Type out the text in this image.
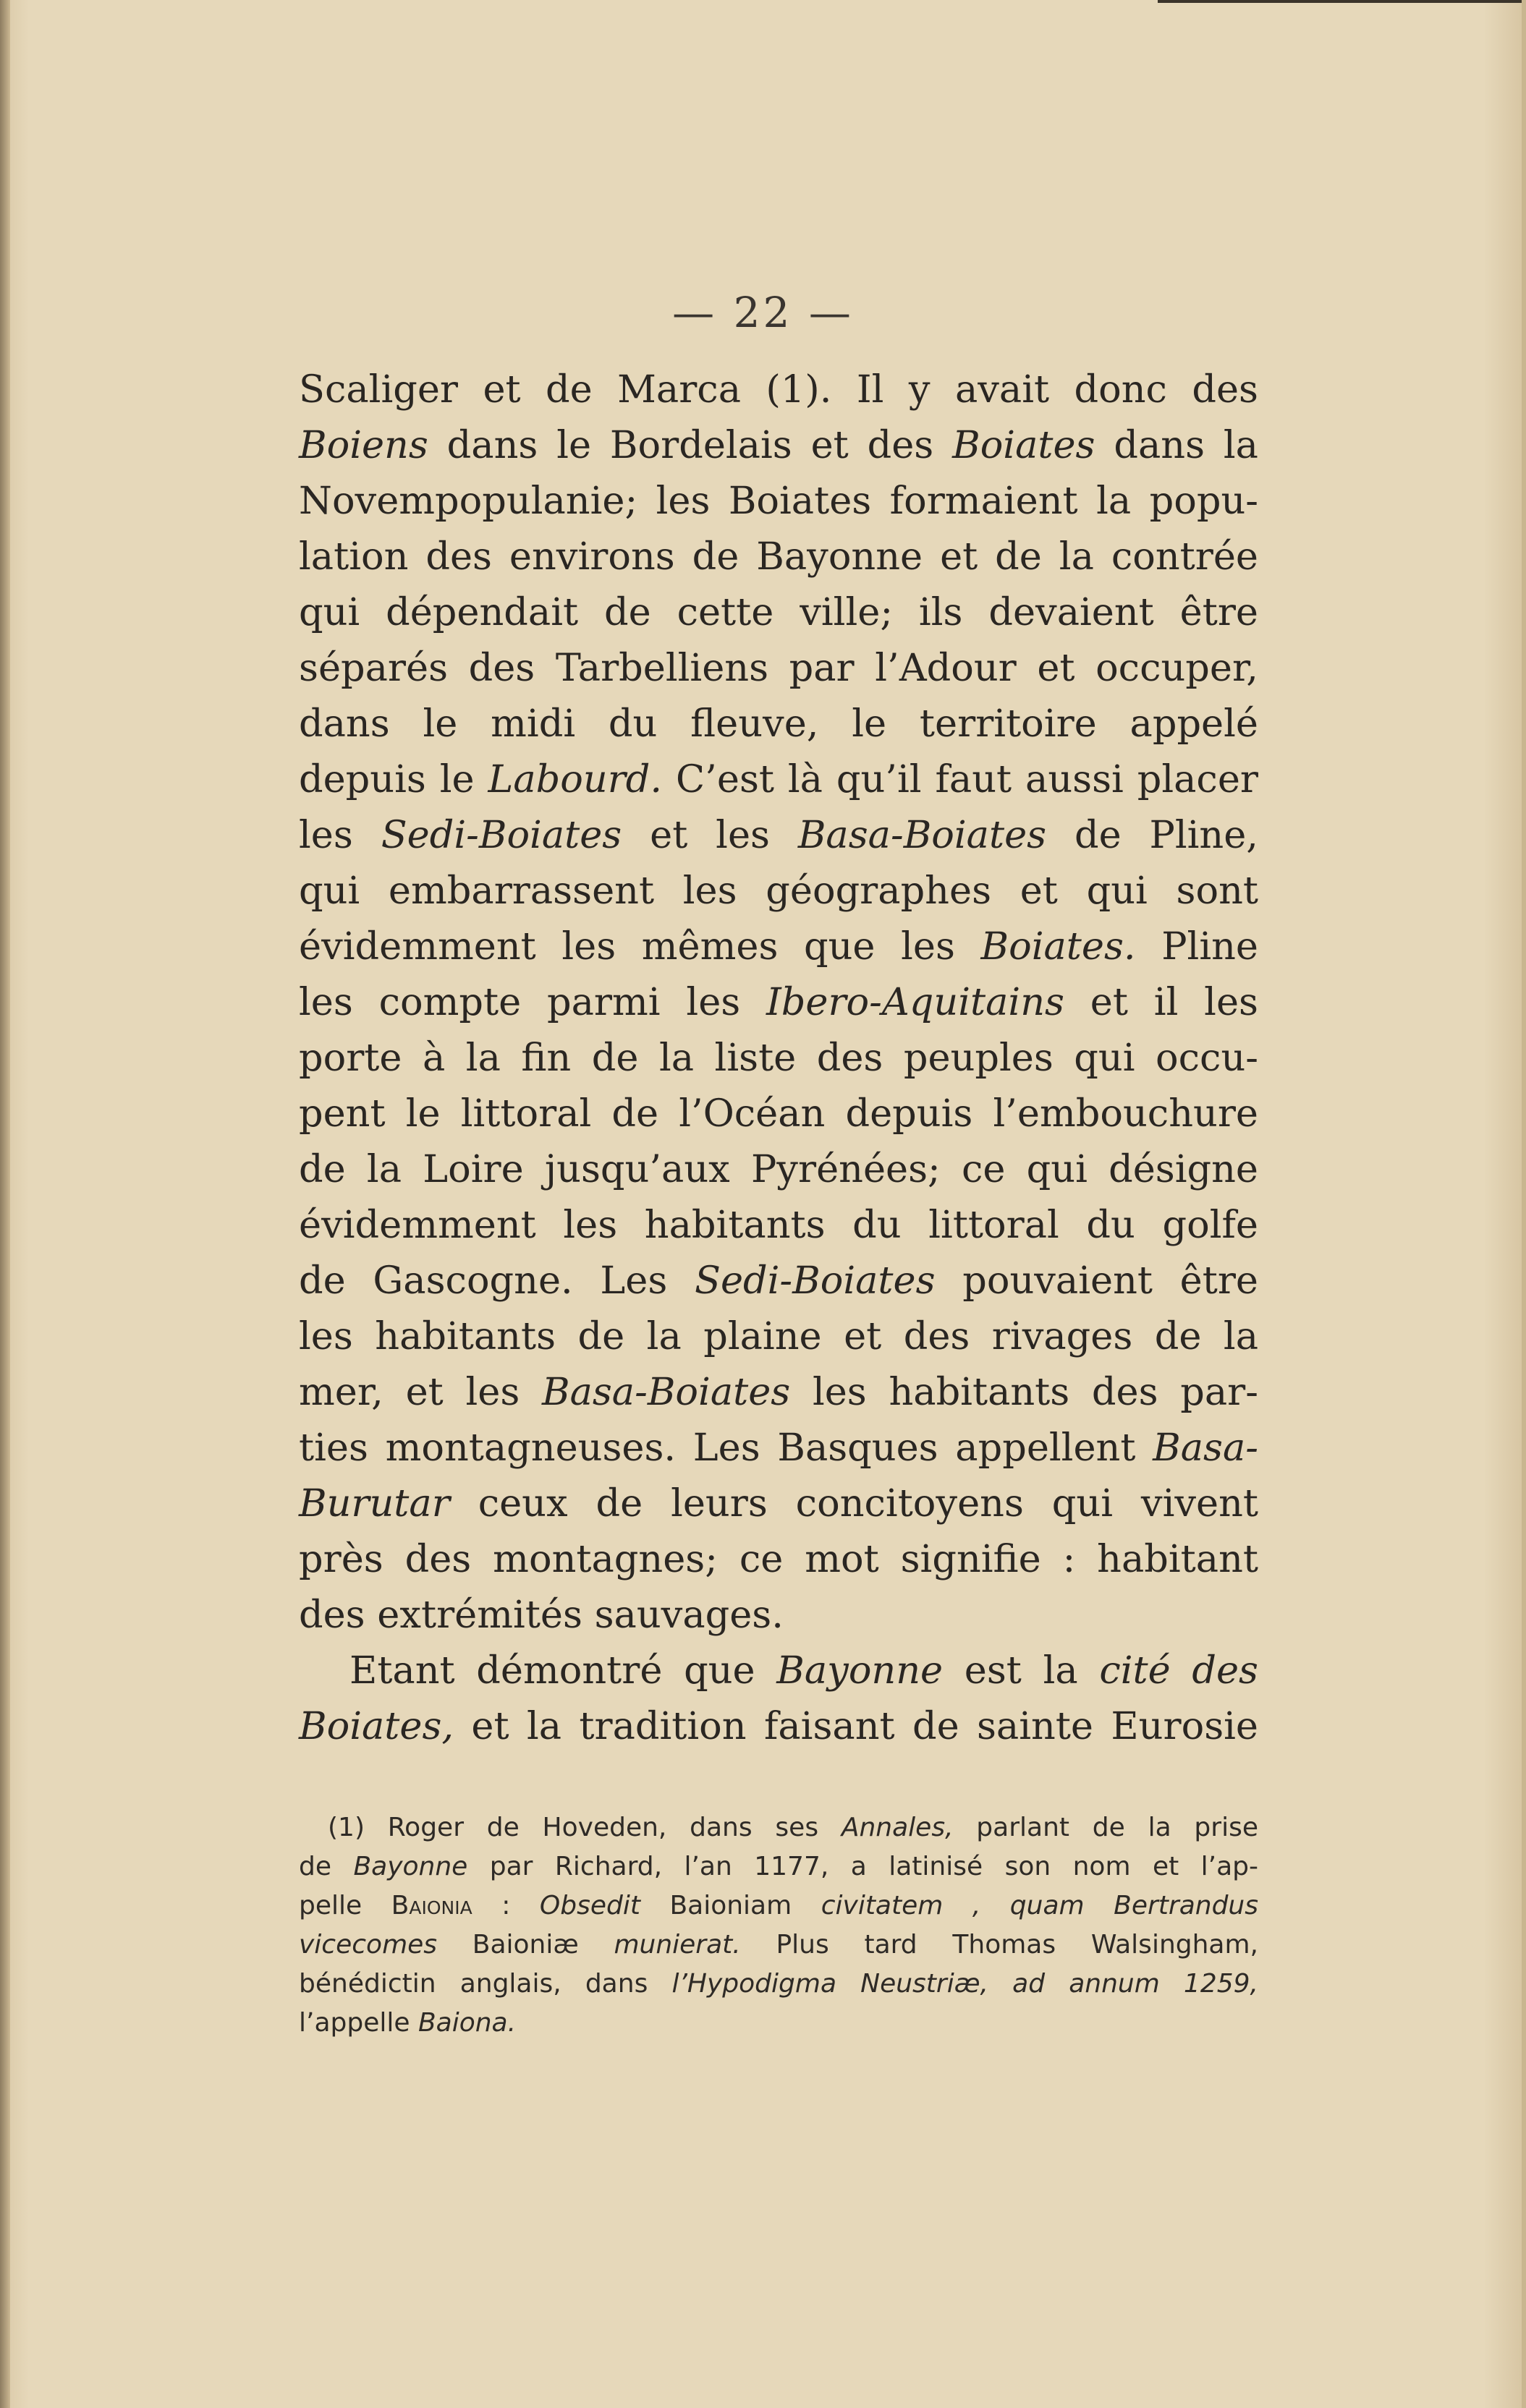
— 22 —
Scaliger et de Marca (1). Il y avait donc des
Boiens dans le Bordelais et des Boiates dans la
Novempopulanie; les Boiates formaient la popu-
lation des environs de Bayonne et de la contrée
qui dépendait de cette ville; ils devaient être
séparés des Tarbelliens par l’Adour et occuper,
dans le midi du fleuve, le territoire appelé
depuis le Labourd. C’est là qu’il faut aussi placer
les Sedi-Boiates et les Basa-Boiates de Pline,
qui embarrassent les géographes et qui sont
évidemment les mêmes que les Boiates. Pline
les compte parmi les Ibero-Aquitains et il les
porte à la fin de la liste des peuples qui occu-
pent le littoral de l’Océan depuis l’embouchure
de la Loire jusqu’aux Pyrénées; ce qui désigne
évidemment les habitants du littoral du golfe
de Gascogne. Les Sedi-Boiates pouvaient être
les habitants de la plaine et des rivages de la
mer, et les Basa-Boiates les habitants des par-
ties montagneuses. Les Basques appellent Basa-
Burutar ceux de leurs concitoyens qui vivent
près des montagnes; ce mot signifie : habitant
des extrémités sauvages.
Etant démontré que Bayonne est la cité des
Boiates, et la tradition faisant de sainte Eurosie
(1) Roger de Hoveden, dans ses Annales, parlant de la prise
de Bayonne par Richard, l’an 1177, a latinisé son nom et l’ap-
pelle Baionia : Obsedit Baioniam civitatem , quam Bertrandus
vicecomes Baioniæ munierat. Plus tard Thomas Walsingham,
bénédictin anglais, dans l’Hypodigma Neustriæ, ad annum 1259,
l’appelle Baiona.
